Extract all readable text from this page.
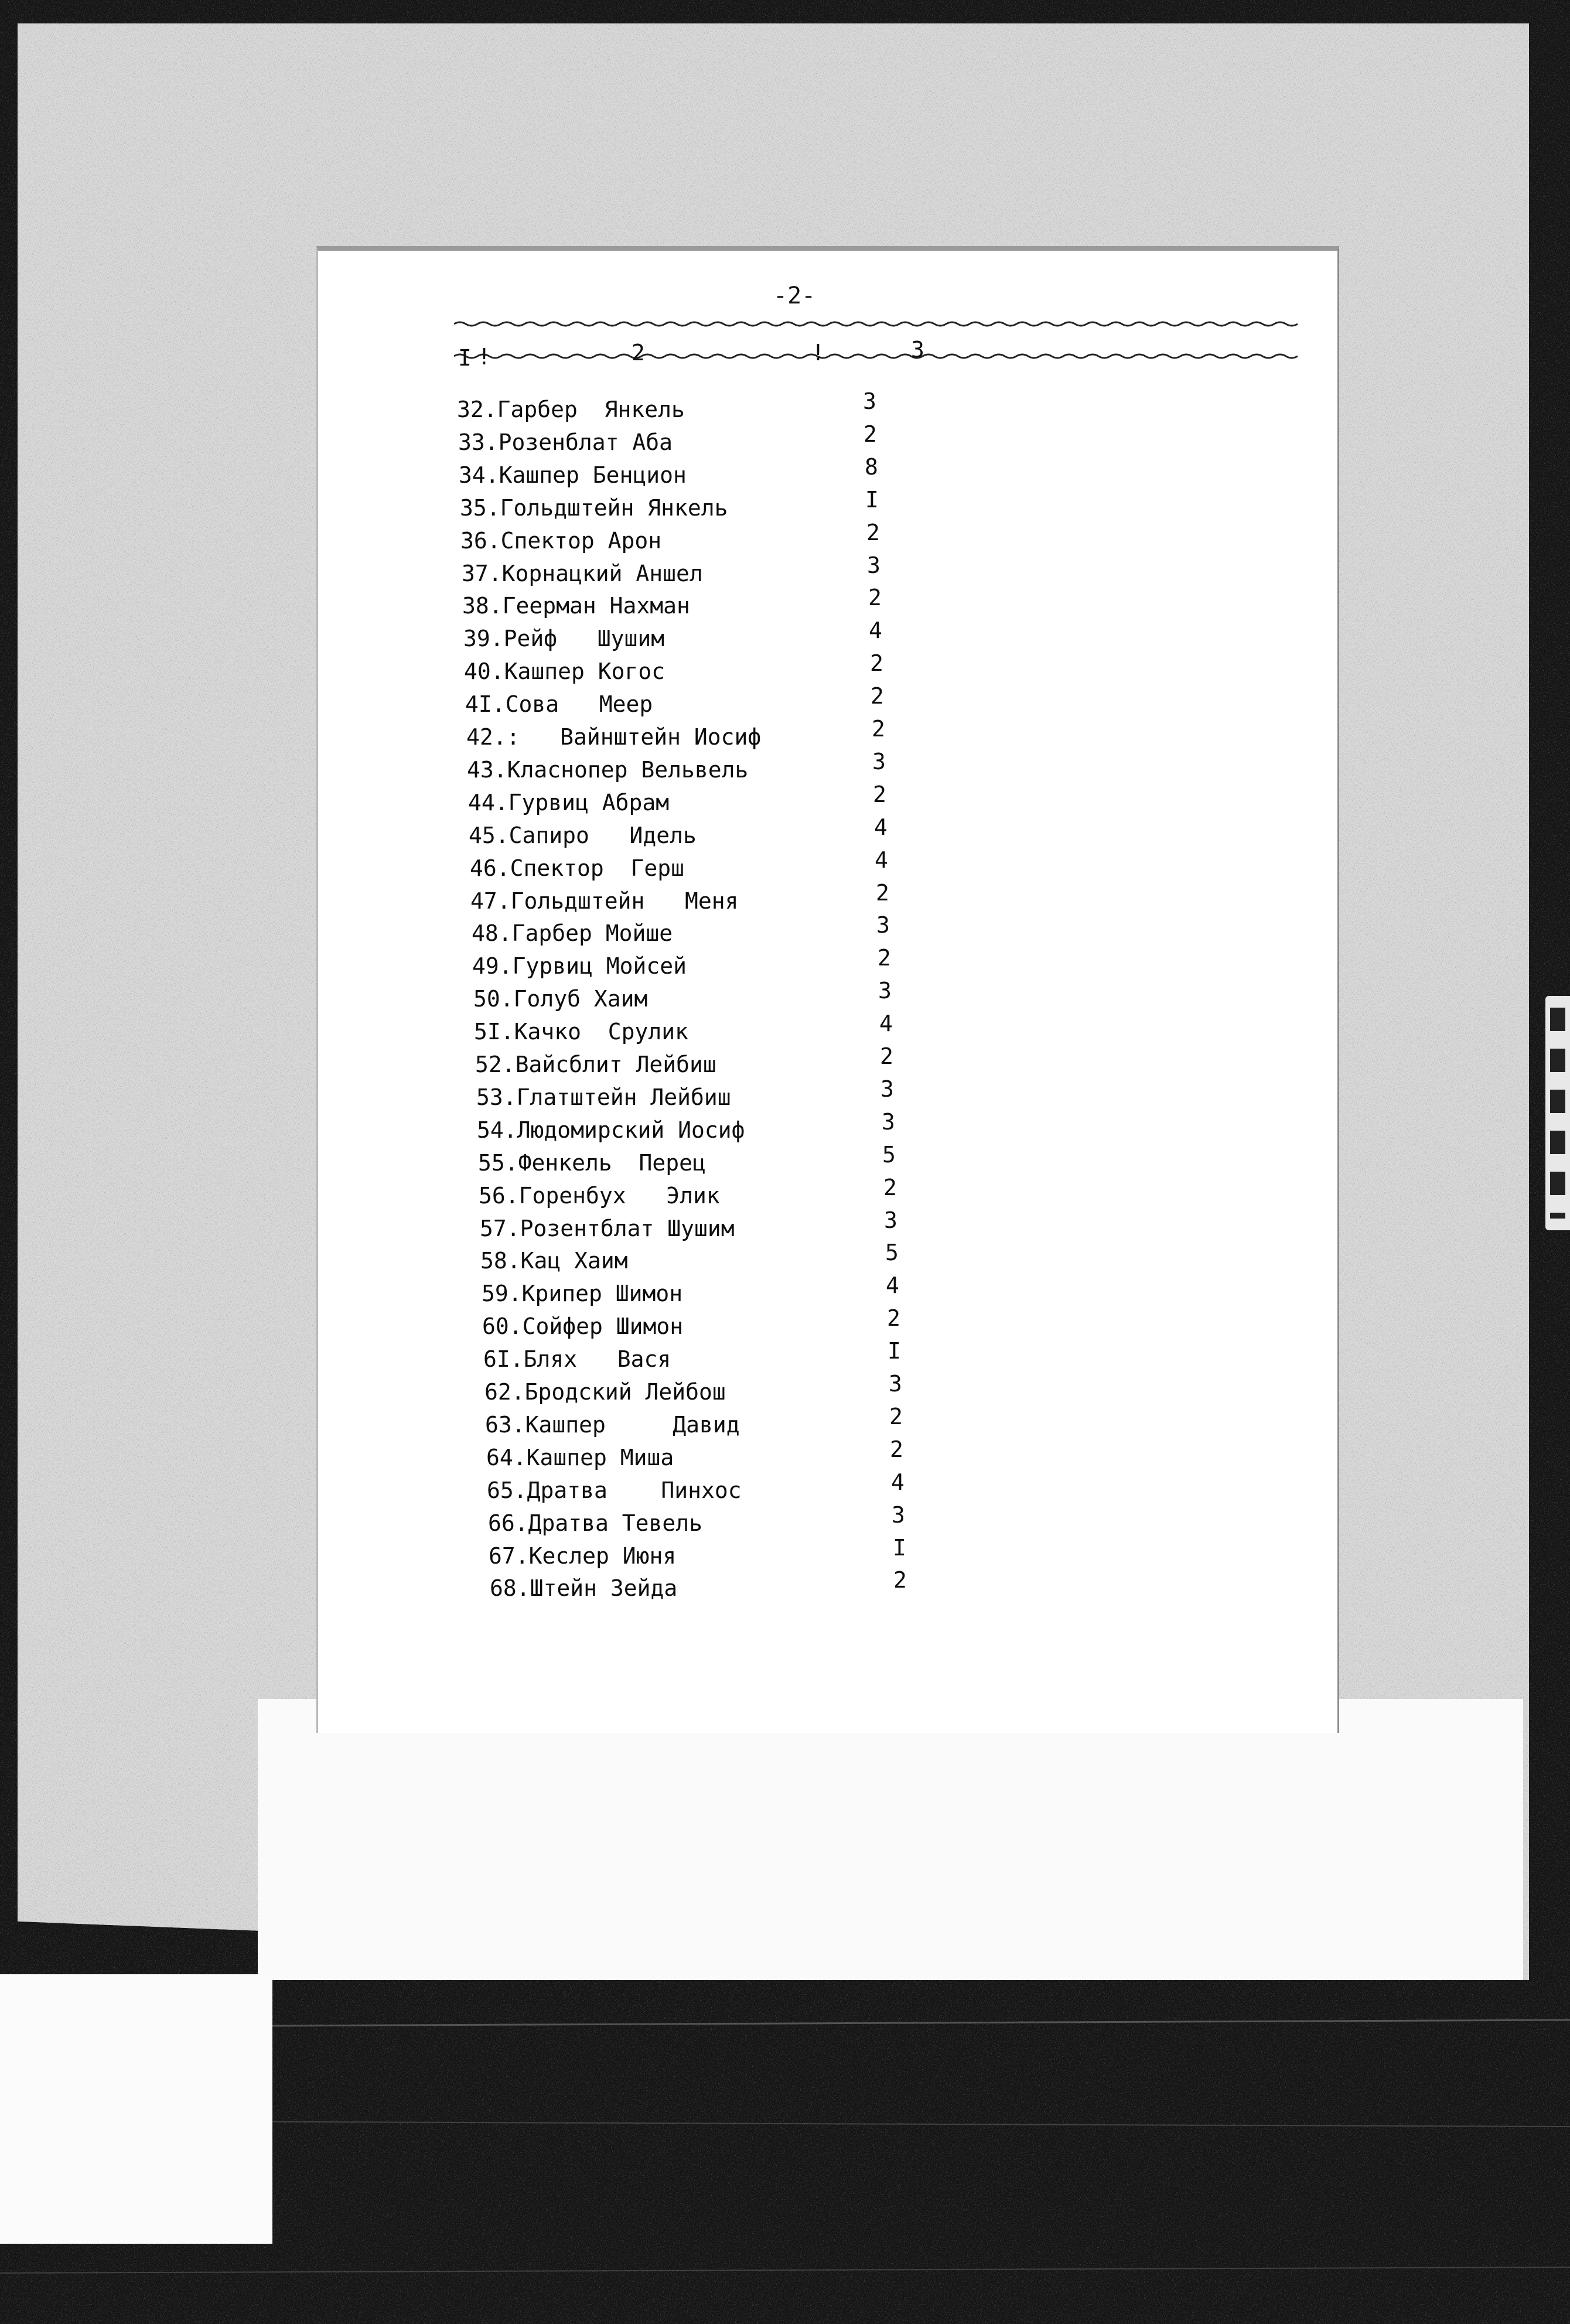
-2-
I !	2	!	3
32.Гарбер  Янкель	3
33.Розенблат Аба	2
34.Кашпер Бенцион	8
35.Гольдштейн Янкель	I
36.Спектор Арон	2
37.Корнацкий Аншел	3
38.Геерман Нахман	2
39.Рейф   Шушим	4
40.Кашпер Когос	2
4I.Сова   Меер	2
42.:   Вайнштейн Иосиф	2
43.Класнопер Вельвель	3
44.Гурвиц Абрам	2
45.Сапиро   Идель	4
46.Спектор  Герш	4
47.Гольдштейн   Меня	2
48.Гарбер Мойше	3
49.Гурвиц Мойсей	2
50.Голуб Хаим	3
5I.Качко  Срулик	4
52.Вайсблит Лейбиш	2
53.Глатштейн Лейбиш	3
54.Людомирский Иосиф	3
55.Фенкель  Перец	5
56.Горенбух   Элик	2
57.Розентблат Шушим	3
58.Кац Хаим	5
59.Крипер Шимон	4
60.Сойфер Шимон	2
6I.Блях   Вася	I
62.Бродский Лейбош	3
63.Кашпер     Давид	2
64.Кашпер Миша	2
65.Дратва    Пинхос	4
66.Дратва Тевель	3
67.Кеслер Июня	I
68.Штейн Зейда	2
